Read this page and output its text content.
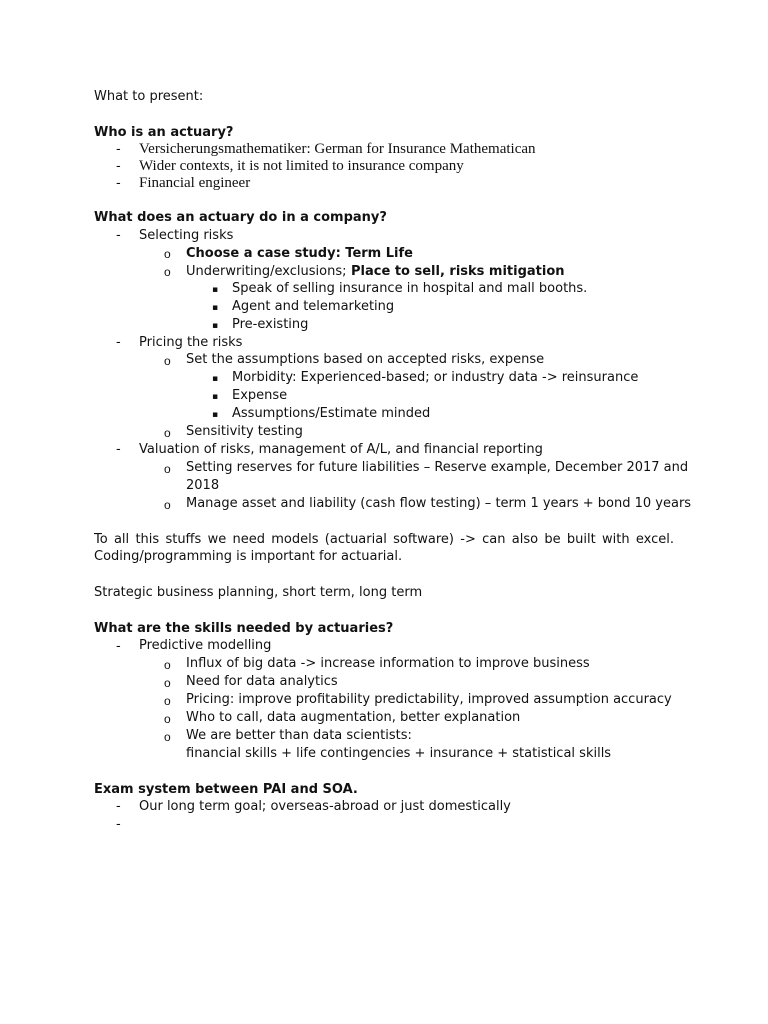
What to present:
Who is an actuary?
- Versicherungsmathematiker: German for Insurance Mathematican
- Wider contexts, it is not limited to insurance company
- Financial engineer
What does an actuary do in a company?
- Selecting risks
o Choose a case study: Term Life
o Underwriting/exclusions; Place to sell, risks mitigation
▪ Speak of selling insurance in hospital and mall booths.
▪ Agent and telemarketing
▪ Pre-existing
- Pricing the risks
o Set the assumptions based on accepted risks, expense
▪ Morbidity: Experienced-based; or industry data -> reinsurance
▪ Expense
▪ Assumptions/Estimate minded
o Sensitivity testing
- Valuation of risks, management of A/L, and financial reporting
o Setting reserves for future liabilities – Reserve example, December 2017 and
2018
o Manage asset and liability (cash flow testing) – term 1 years + bond 10 years
To all this stuffs we need models (actuarial software) -> can also be built with excel.
Coding/programming is important for actuarial.
Strategic business planning, short term, long term
What are the skills needed by actuaries?
- Predictive modelling
o Influx of big data -> increase information to improve business
o Need for data analytics
o Pricing: improve profitability predictability, improved assumption accuracy
o Who to call, data augmentation, better explanation
o We are better than data scientists:
financial skills + life contingencies + insurance + statistical skills
Exam system between PAI and SOA.
- Our long term goal; overseas-abroad or just domestically
-
